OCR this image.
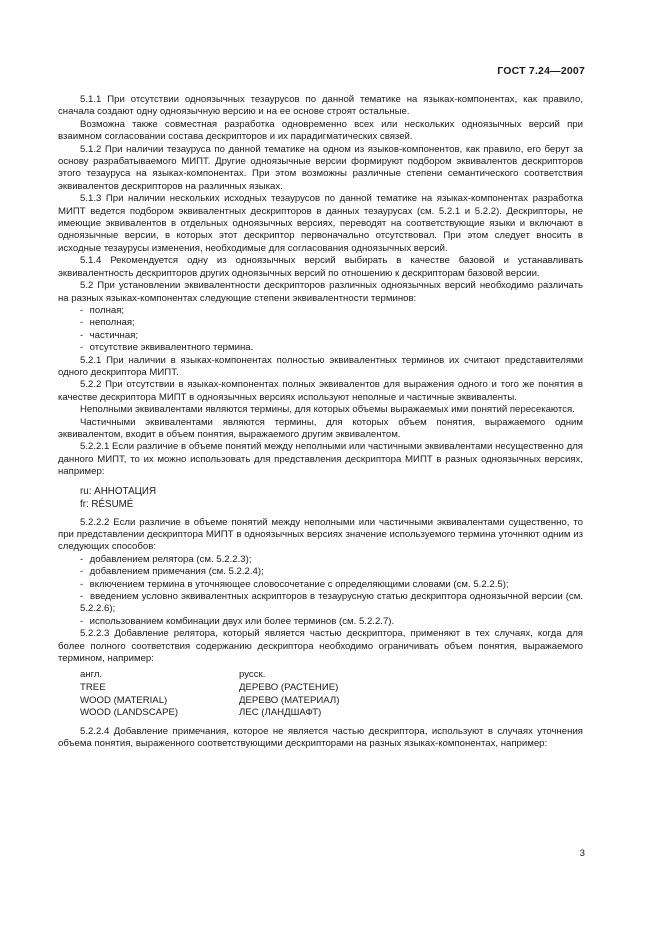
ГОСТ 7.24—2007

5.1.1 При отсутствии одноязычных тезаурусов по данной тематике на языках-компонентах, как правило, сначала создают одну одноязычную версию и на ее основе строят остальные.

Возможна также совместная разработка одновременно всех или нескольких одноязычных версий при взаимном согласовании состава дескрипторов и их парадигматических связей.

5.1.2 При наличии тезауруса по данной тематике на одном из языков-компонентов, как правило, его берут за основу разрабатываемого МИПТ. Другие одноязычные версии формируют подбором эквивалентов дескрипторов этого тезауруса на языках-компонентах. При этом возможны различные степени семантического соответствия эквивалентов дескрипторов на различных языках.

5.1.3 При наличии нескольких исходных тезаурусов по данной тематике на языках-компонентах разработка МИПТ ведется подбором эквивалентных дескрипторов в данных тезаурусах (см. 5.2.1 и 5.2.2). Дескрипторы, не имеющие эквивалентов в отдельных одноязычных версиях, переводят на соответствующие языки и включают в одноязычные версии, в которых этот дескриптор первоначально отсутствовал. При этом следует вносить в исходные тезаурусы изменения, необходимые для согласования одноязычных версий.

5.1.4 Рекомендуется одну из одноязычных версий выбирать в качестве базовой и устанавливать эквивалентность дескрипторов других одноязычных версий по отношению к дескрипторам базовой версии.

5.2 При установлении эквивалентности дескрипторов различных одноязычных версий необходимо различать на разных языках-компонентах следующие степени эквивалентности терминов:

- полная;

- неполная;

- частичная;

- отсутствие эквивалентного термина.

5.2.1 При наличии в языках-компонентах полностью эквивалентных терминов их считают представителями одного дескриптора МИПТ.

5.2.2 При отсутствии в языках-компонентах полных эквивалентов для выражения одного и того же понятия в качестве дескриптора МИПТ в одноязычных версиях используют неполные и частичные эквиваленты.

Неполными эквивалентами являются термины, для которых объемы выражаемых ими понятий пересекаются.

Частичными эквивалентами являются термины, для которых объем понятия, выражаемого одним эквивалентом, входит в объем понятия, выражаемого другим эквивалентом.

5.2.2.1 Если различие в объеме понятий между неполными или частичными эквивалентами несущественно для данного МИПТ, то их можно использовать для представления дескриптора МИПТ в разных одноязычных версиях, например:

ru: АННОТАЦИЯ
fr: RÉSUMÉ

5.2.2.2 Если различие в объеме понятий между неполными или частичными эквивалентами существенно, то при представлении дескриптора МИПТ в одноязычных версиях значение используемого термина уточняют одним из следующих способов:

- добавлением релятора (см. 5.2.2.3);

- добавлением примечания (см. 5.2.2.4);

- включением термина в уточняющее словосочетание с определяющими словами (см. 5.2.2.5);

- введением условно эквивалентных аскрипторов в тезаурусную статью дескриптора одноязычной версии (см. 5.2.2.6);

- использованием комбинации двух или более терминов (см. 5.2.2.7).

5.2.2.3 Добавление релятора, который является частью дескриптора, применяют в тех случаях, когда для более полного соответствия содержанию дескриптора необходимо ограничивать объем понятия, выражаемого термином, например:

англ.	русск.
TREE	ДЕРЕВО (РАСТЕНИЕ)
WOOD (MATERIAL)	ДЕРЕВО (МАТЕРИАЛ)
WOOD (LANDSCAPE)	ЛЕС (ЛАНДШАФТ)

5.2.2.4 Добавление примечания, которое не является частью дескриптора, используют в случаях уточнения объема понятия, выраженного соответствующими дескрипторами на разных языках-компонентах, например:

3
